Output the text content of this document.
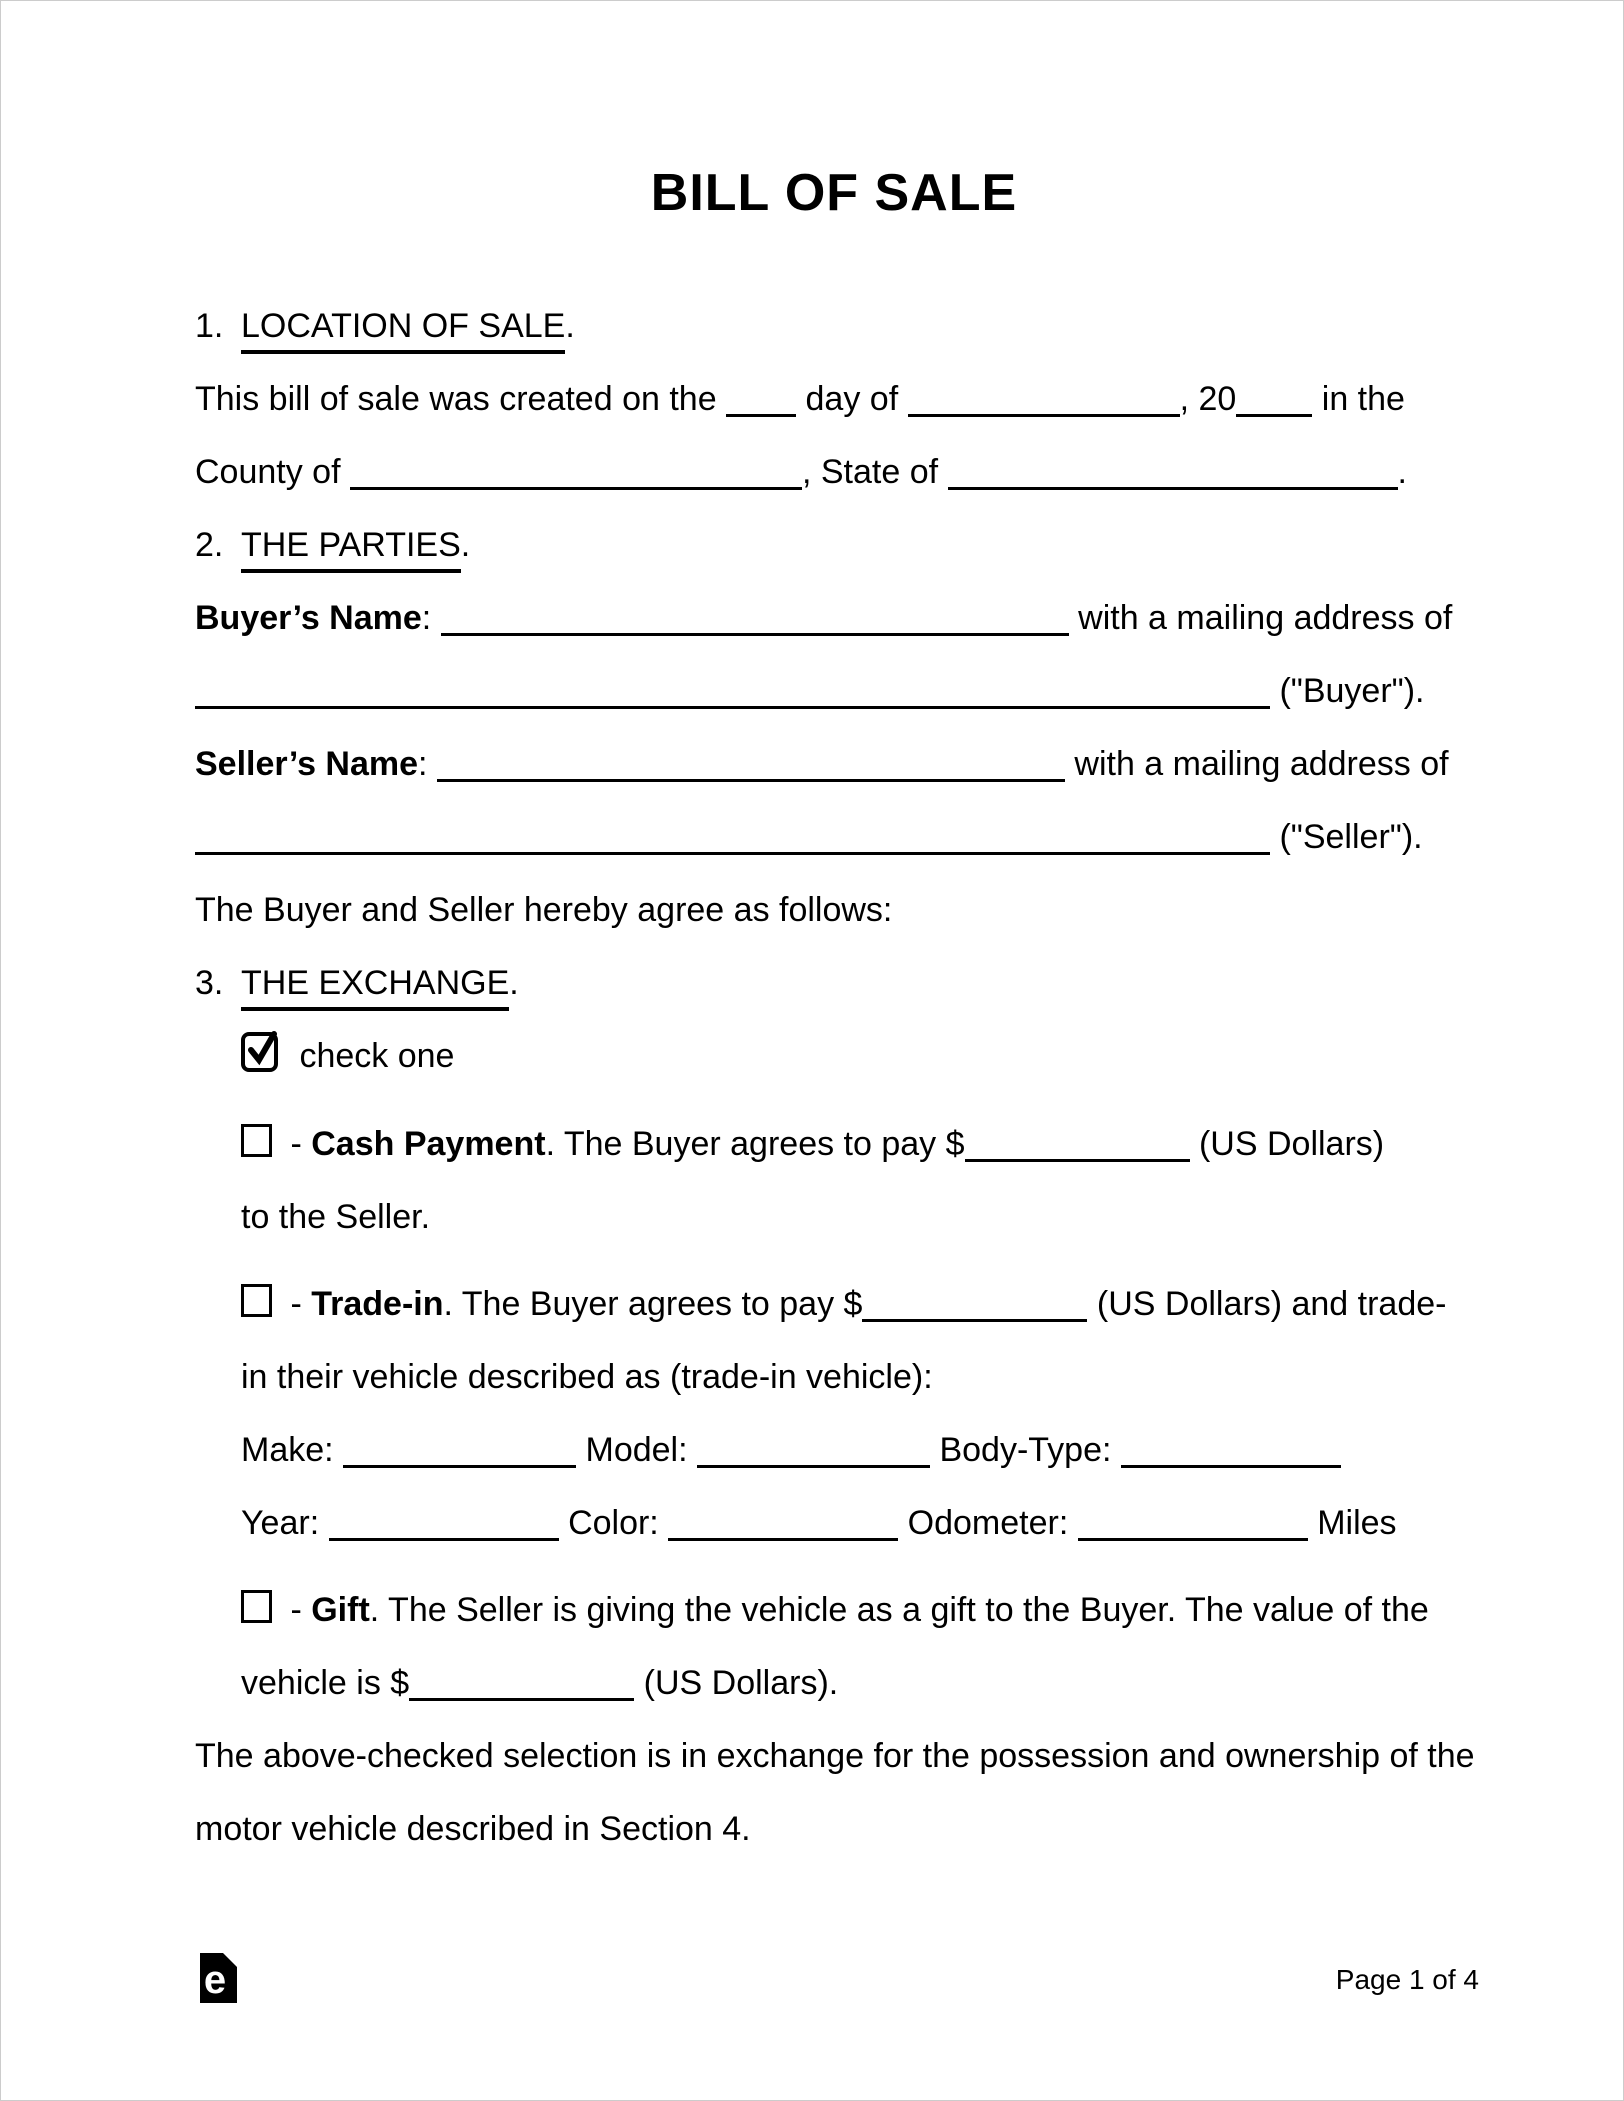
BILL OF SALE
1. LOCATION OF SALE.
This bill of sale was created on the	day of	, 20	in the
County of	, State of	.
2. THE PARTIES.
Buyer’s Name:	with a mailing address of
("Buyer").
Seller’s Name:	with a mailing address of
("Seller").
The Buyer and Seller hereby agree as follows:
3. THE EXCHANGE.
check one
- Cash Payment. The Buyer agrees to pay $	(US Dollars)
to the Seller.
- Trade-in. The Buyer agrees to pay $	(US Dollars) and trade-
in their vehicle described as (trade-in vehicle):
Make:	Model:	Body-Type:
Year:	Color:	Odometer:	Miles
- Gift. The Seller is giving the vehicle as a gift to the Buyer. The value of the
vehicle is $	(US Dollars).
The above-checked selection is in exchange for the possession and ownership of the
motor vehicle described in Section 4.
e	Page 1 of 4
